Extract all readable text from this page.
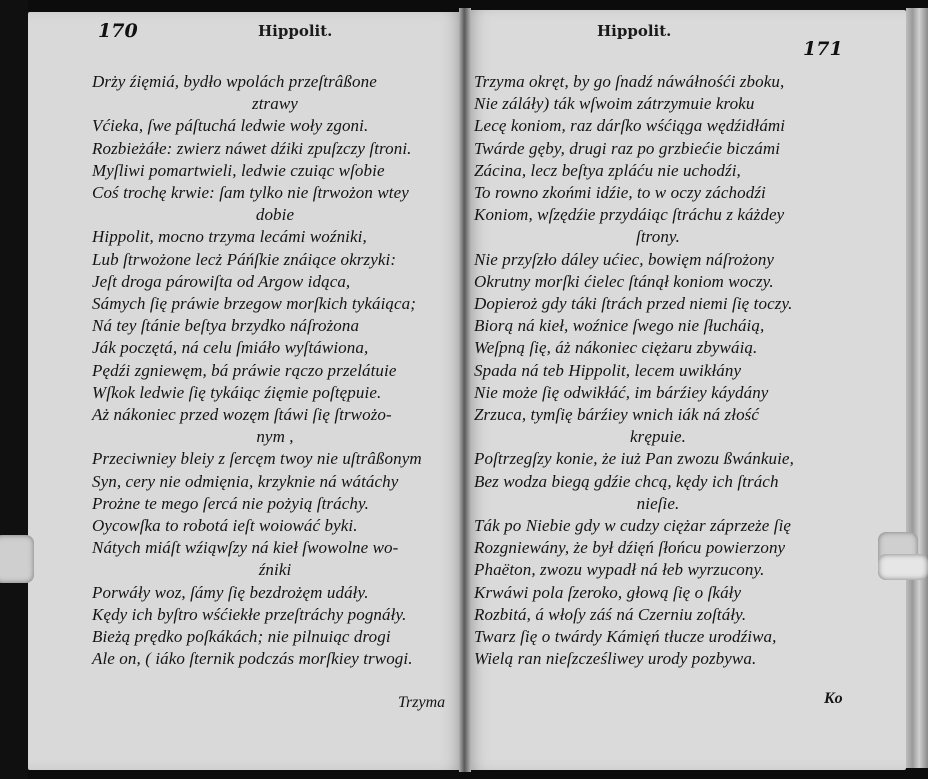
170	Hippolit.
Drży źięmiá, bydło wpolách przeſtrâßone
ztrawy
Vćieka, ſwe páſtuchá ledwie woły zgoni.
Rozbieżáłe: zwierz náwet dźiki zpuſzczy ſtroni.
Myſliwi pomartwieli, ledwie czuiąc wſobie
Coś trochę krwie: ſam tylko nie ſtrwożon wtey
dobie
Hippolit, mocno trzyma lecámi woźniki,
Lub ſtrwożone lecż Páńſkie znáiące okrzyki:
Jeſt droga párowiſta od Argow idąca,
Sámych ſię práwie brzegow morſkich tykáiąca;
Ná tey ſtánie beſtya brzydko náſrożona
Ják poczętá, ná celu ſmiáło wyſtáwiona,
Pędźi zgniewęm, bá práwie rączo przelátuie
Wſkok ledwie ſię tykáiąc źięmie poſtępuie.
Aż nákoniec przed wozęm ſtáwi ſię ſtrwożo-
nym ,
Przeciwniey bleiy z ſercęm twoy nie uſtrâßonym
Syn, cery nie odmięnia, krzyknie ná wátáchy
Prożne te mego ſercá nie pożyią ſtráchy.
Oycowſka to robotá ieſt woiowáć byki.
Nátych miáſt wźiąwſzy ná kieł ſwowolne wo-
źniki
Porwáły woz, ſámy ſię bezdrożęm udáły.
Kędy ich byſtro wśćiekłe przeſtráchy pognáły.
Bieżą prędko poſkákách; nie pilnuiąc drogi
Ale on, ( iáko ſternik podczás morſkiey trwogi.
Trzyma
Hippolit.
171
Trzyma okręt, by go ſnadź náwáłnośći zboku,
Nie záláły) ták wſwoim zátrzymuie kroku
Lecę koniom, raz dárſko wśćiąga wędźidłámi
Twárde gęby, drugi raz po grzbiećie biczámi
Zácina, lecz beſtya zpláću nie uchodźi,
To rowno zkońmi idźie, to w oczy záchodźi
Koniom, wſzędźie przydáiąc ſtráchu z káżdey
ſtrony.
Nie przyſzło dáley ućiec, bowięm náſrożony
Okrutny morſki ćielec ſtánął koniom woczy.
Dopieroż gdy táki ſtrách przed niemi ſię toczy.
Biorą ná kieł, woźnice ſwego nie ſłucháią,
Weſpną ſię, áż nákoniec ciężaru zbywáią.
Spada ná teb Hippolit, lecem uwikłány
Nie może ſię odwikłáć, im bárźiey káydány
Zrzuca, tymſię bárźiey wnich iák ná złość
krępuie.
Poſtrzegſzy konie, że iuż Pan zwozu ßwánkuie,
Bez wodza biegą gdźie chcą, kędy ich ſtrách
nieſie.
Ták po Niebie gdy w cudzy ciężar záprzeże ſię
Rozgniewány, że był dźięń ſłońcu powierzony
Phaëton, zwozu wypadł ná łeb wyrzucony.
Krwáwi pola ſzeroko, głową ſię o ſkáły
Rozbitá, á włoſy záś ná Czerniu zoſtáły.
Twarz ſię o twárdy Kámięń tłucze urodźiwa,
Wielą ran nieſzcześliwey urody pozbywa.
Ko
